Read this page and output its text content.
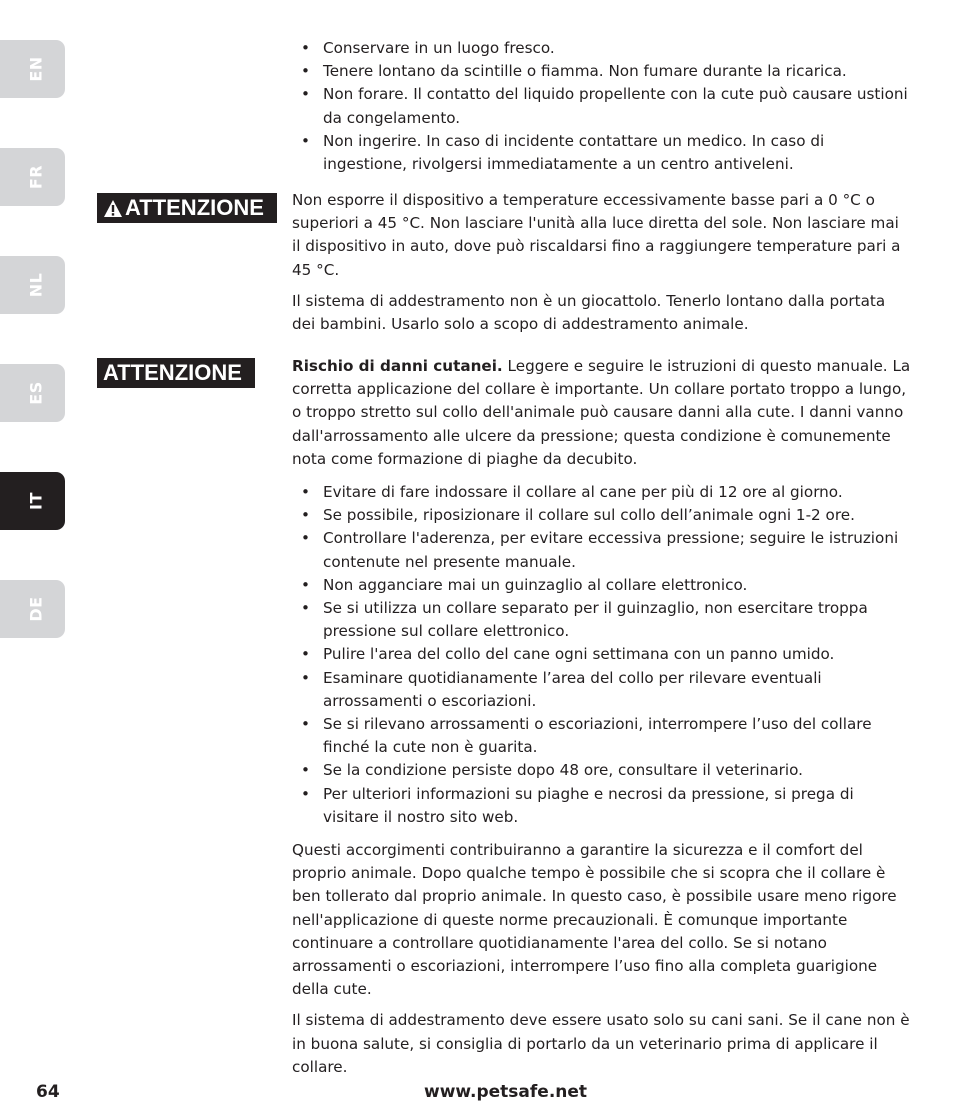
EN
FR
NL
ES
IT
DE
• Conservare in un luogo fresco.
• Tenere lontano da scintille o fiamma. Non fumare durante la ricarica.
• Non forare. Il contatto del liquido propellente con la cute può causare ustioni da congelamento.
• Non ingerire. In caso di incidente contattare un medico. In caso di ingestione, rivolgersi immediatamente a un centro antiveleni.
ATTENZIONE Non esporre il dispositivo a temperature eccessivamente basse pari a 0 °C o superiori a 45 °C. Non lasciare l'unità alla luce diretta del sole. Non lasciare mai il dispositivo in auto, dove può riscaldarsi fino a raggiungere temperature pari a 45 °C.

Il sistema di addestramento non è un giocattolo. Tenerlo lontano dalla portata dei bambini. Usarlo solo a scopo di addestramento animale.

ATTENZIONE	Rischio di danni cutanei. Leggere e seguire le istruzioni di questo manuale. La corretta applicazione del collare è importante. Un collare portato troppo a lungo, o troppo stretto sul collo dell'animale può causare danni alla cute. I danni vanno dall'arrossamento alle ulcere da pressione; questa condizione è comunemente nota come formazione di piaghe da decubito.

• Evitare di fare indossare il collare al cane per più di 12 ore al giorno.
• Se possibile, riposizionare il collare sul collo dell’animale ogni 1-2 ore.
• Controllare l'aderenza, per evitare eccessiva pressione; seguire le istruzioni contenute nel presente manuale.
• Non agganciare mai un guinzaglio al collare elettronico.
• Se si utilizza un collare separato per il guinzaglio, non esercitare troppa pressione sul collare elettronico.
• Pulire l'area del collo del cane ogni settimana con un panno umido.
• Esaminare quotidianamente l’area del collo per rilevare eventuali arrossamenti o escoriazioni.
• Se si rilevano arrossamenti o escoriazioni, interrompere l’uso del collare finché la cute non è guarita.
• Se la condizione persiste dopo 48 ore, consultare il veterinario.
• Per ulteriori informazioni su piaghe e necrosi da pressione, si prega di visitare il nostro sito web.

Questi accorgimenti contribuiranno a garantire la sicurezza e il comfort del proprio animale. Dopo qualche tempo è possibile che si scopra che il collare è ben tollerato dal proprio animale. In questo caso, è possibile usare meno rigore nell'applicazione di queste norme precauzionali. È comunque importante continuare a controllare quotidianamente l'area del collo. Se si notano arrossamenti o escoriazioni, interrompere l’uso fino alla completa guarigione della cute.

Il sistema di addestramento deve essere usato solo su cani sani. Se il cane non è in buona salute, si consiglia di portarlo da un veterinario prima di applicare il collare.

64	www.petsafe.net
